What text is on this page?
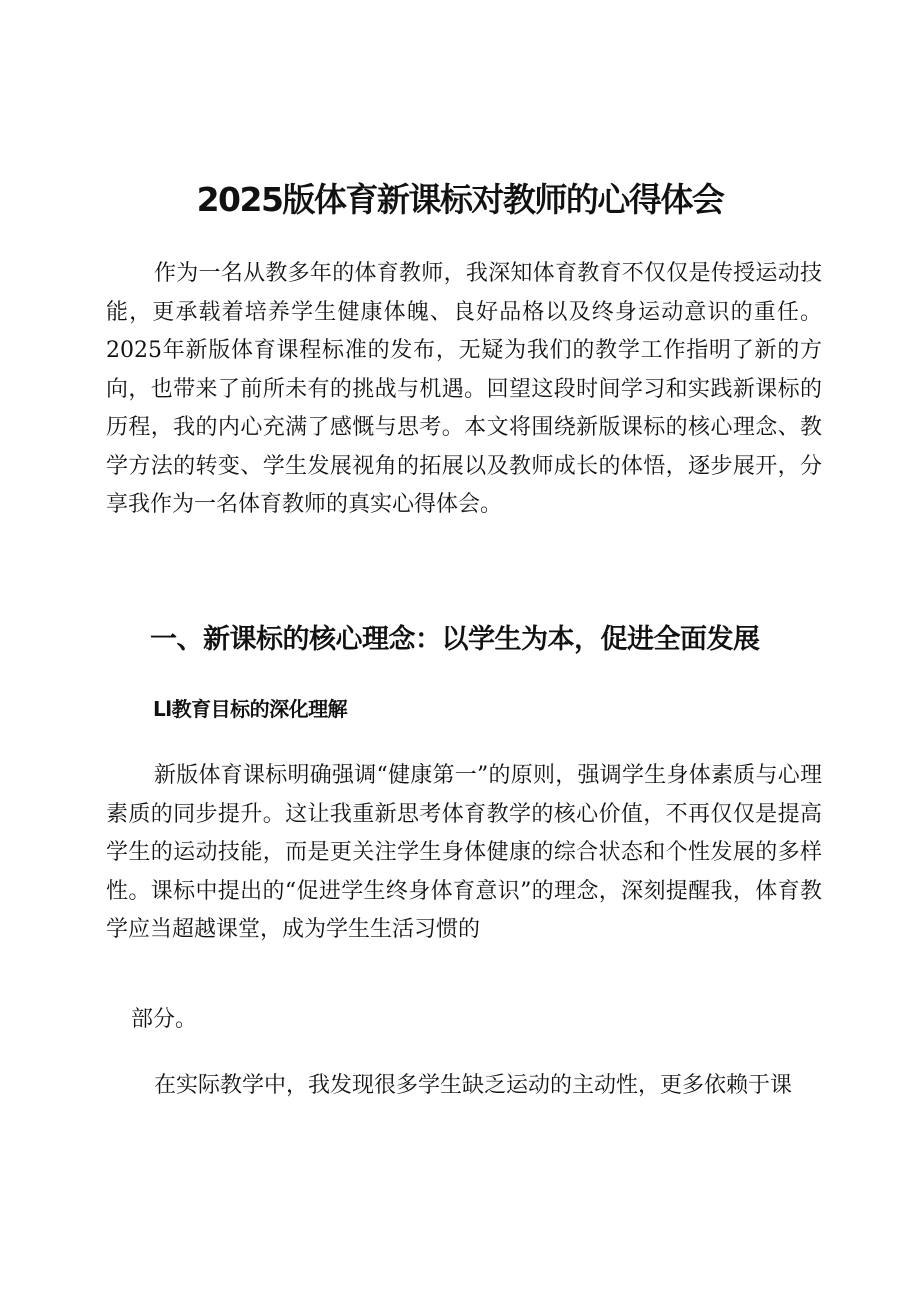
2025版体育新课标对教师的心得体会

作为一名从教多年的体育教师，我深知体育教育不仅仅是传授运动技能，更承载着培养学生健康体魄、良好品格以及终身运动意识的重任。2025年新版体育课程标准的发布，无疑为我们的教学工作指明了新的方向，也带来了前所未有的挑战与机遇。回望这段时间学习和实践新课标的历程，我的内心充满了感慨与思考。本文将围绕新版课标的核心理念、教学方法的转变、学生发展视角的拓展以及教师成长的体悟，逐步展开，分享我作为一名体育教师的真实心得体会。

一、新课标的核心理念：以学生为本，促进全面发展
Ll教育目标的深化理解

新版体育课标明确强调“健康第一”的原则，强调学生身体素质与心理素质的同步提升。这让我重新思考体育教学的核心价值，不再仅仅是提高学生的运动技能，而是更关注学生身体健康的综合状态和个性发展的多样性。课标中提出的“促进学生终身体育意识”的理念，深刻提醒我，体育教学应当超越课堂，成为学生生活习惯的

部分。

在实际教学中，我发现很多学生缺乏运动的主动性，更多依赖于课
